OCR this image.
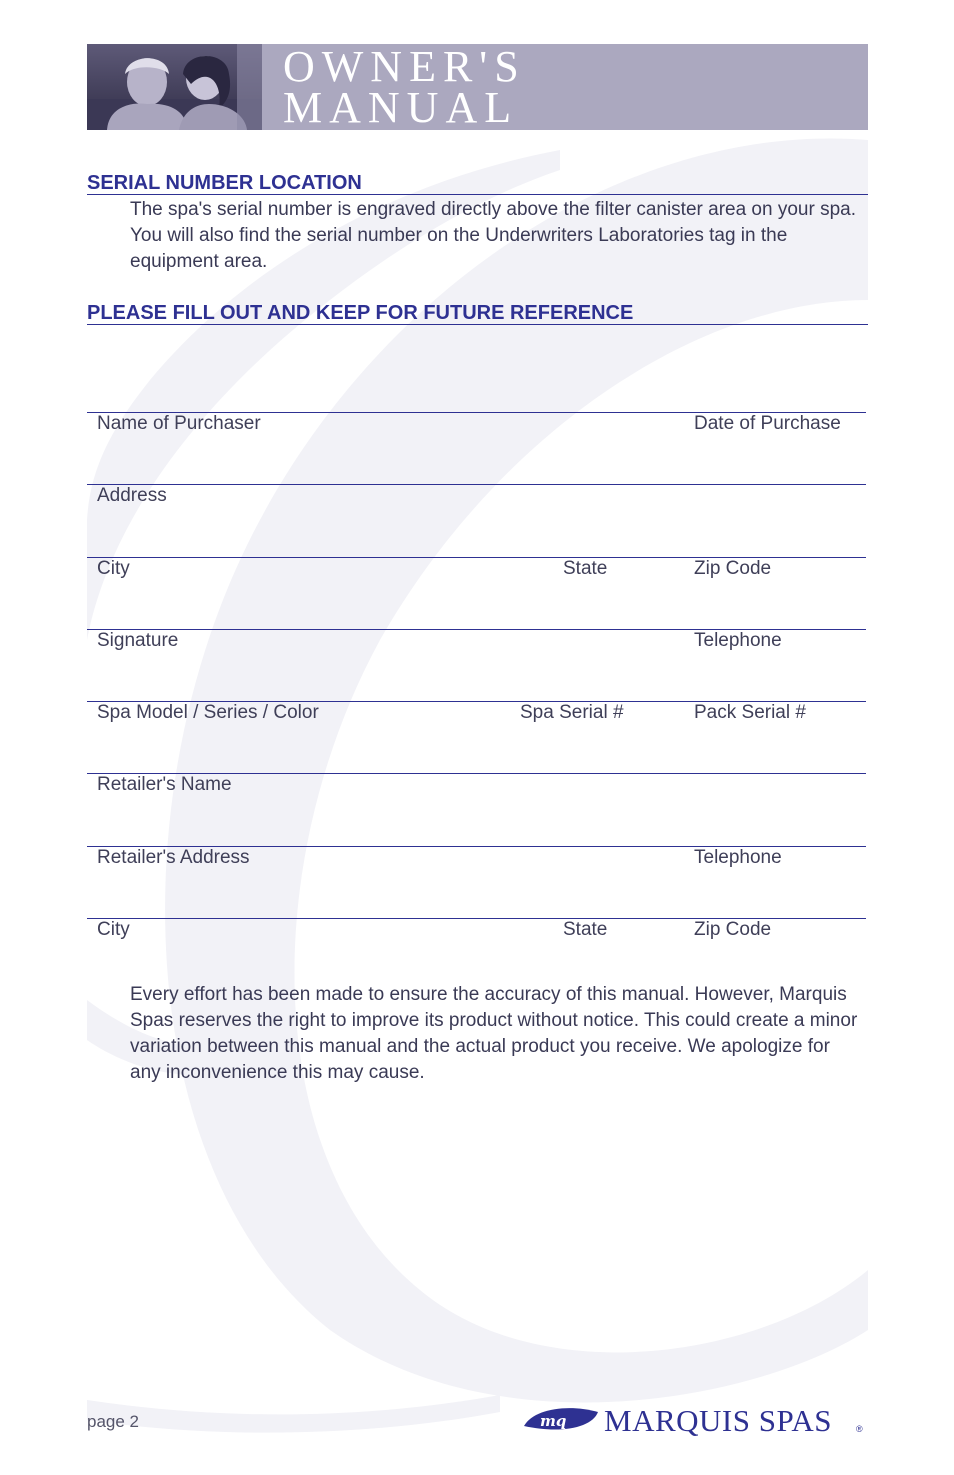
OWNER'S
MANUAL
SERIAL NUMBER LOCATION
The spa's serial number is engraved directly above the filter canister area on your spa. You will also find the serial number on the Underwriters Laboratories tag in the equipment area.
PLEASE FILL OUT AND KEEP FOR FUTURE REFERENCE
Name of Purchaser	Date of Purchase
Address
City	State	Zip Code
Signature	Telephone
Spa Model / Series / Color	Spa Serial #	Pack Serial #
Retailer's Name
Retailer's Address	Telephone
City	State	Zip Code
Every effort has been made to ensure the accuracy of this manual. However, Marquis Spas reserves the right to improve its product without notice. This could create a minor variation between this manual and the actual product you receive. We apologize for any inconvenience this may cause.
page 2	mq MARQUIS SPAS	®
